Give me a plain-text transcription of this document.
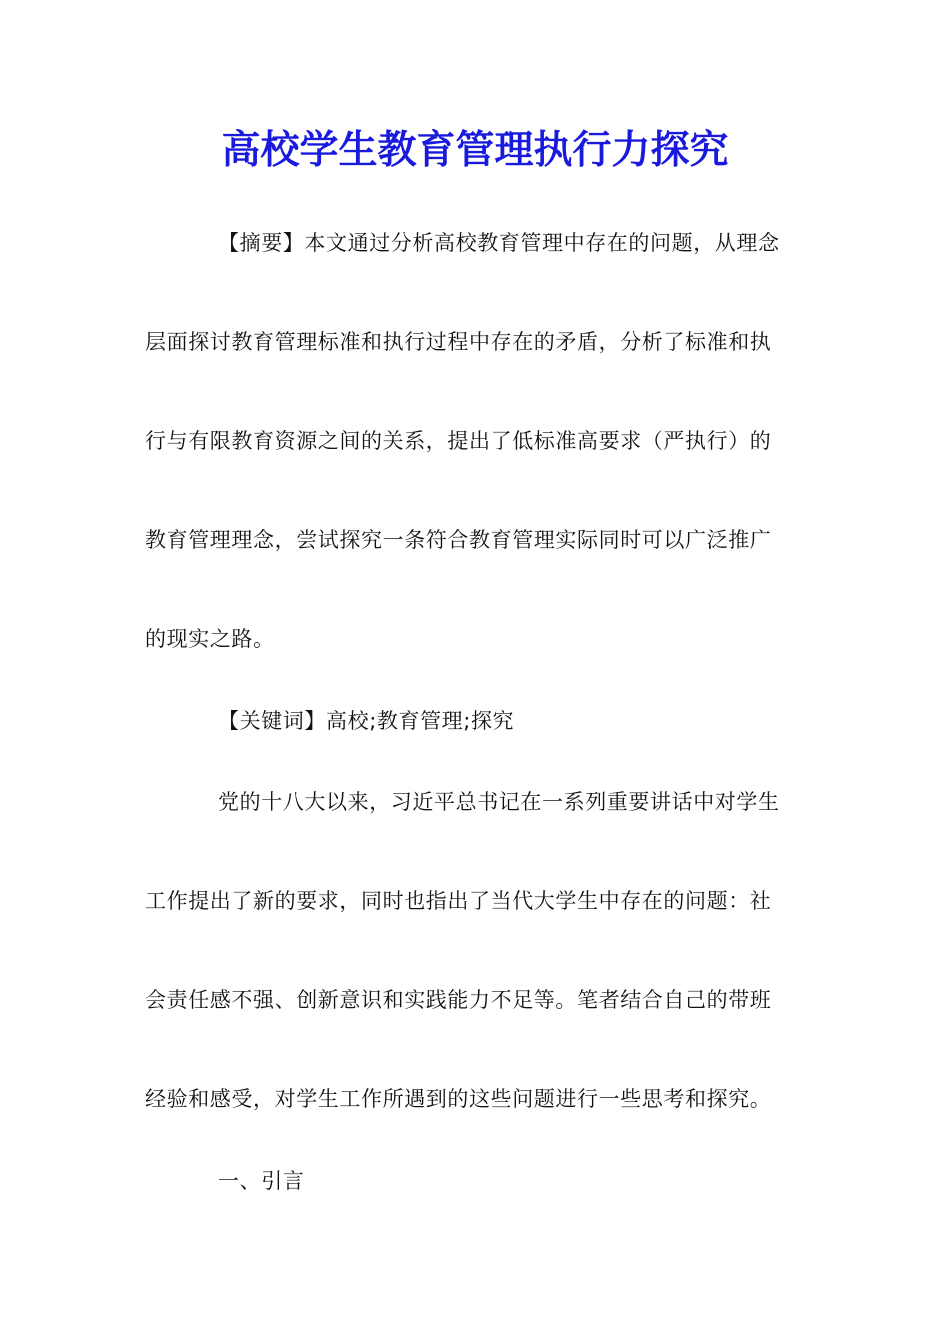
高校学生教育管理执行力探究
【摘要】本文通过分析高校教育管理中存在的问题，从理念
层面探讨教育管理标准和执行过程中存在的矛盾，分析了标准和执
行与有限教育资源之间的关系，提出了低标准高要求（严执行）的
教育管理理念，尝试探究一条符合教育管理实际同时可以广泛推广
的现实之路。
【关键词】高校;教育管理;探究
党的十八大以来，习近平总书记在一系列重要讲话中对学生
工作提出了新的要求，同时也指出了当代大学生中存在的问题：社
会责任感不强、创新意识和实践能力不足等。笔者结合自己的带班
经验和感受，对学生工作所遇到的这些问题进行一些思考和探究。
一、引言
